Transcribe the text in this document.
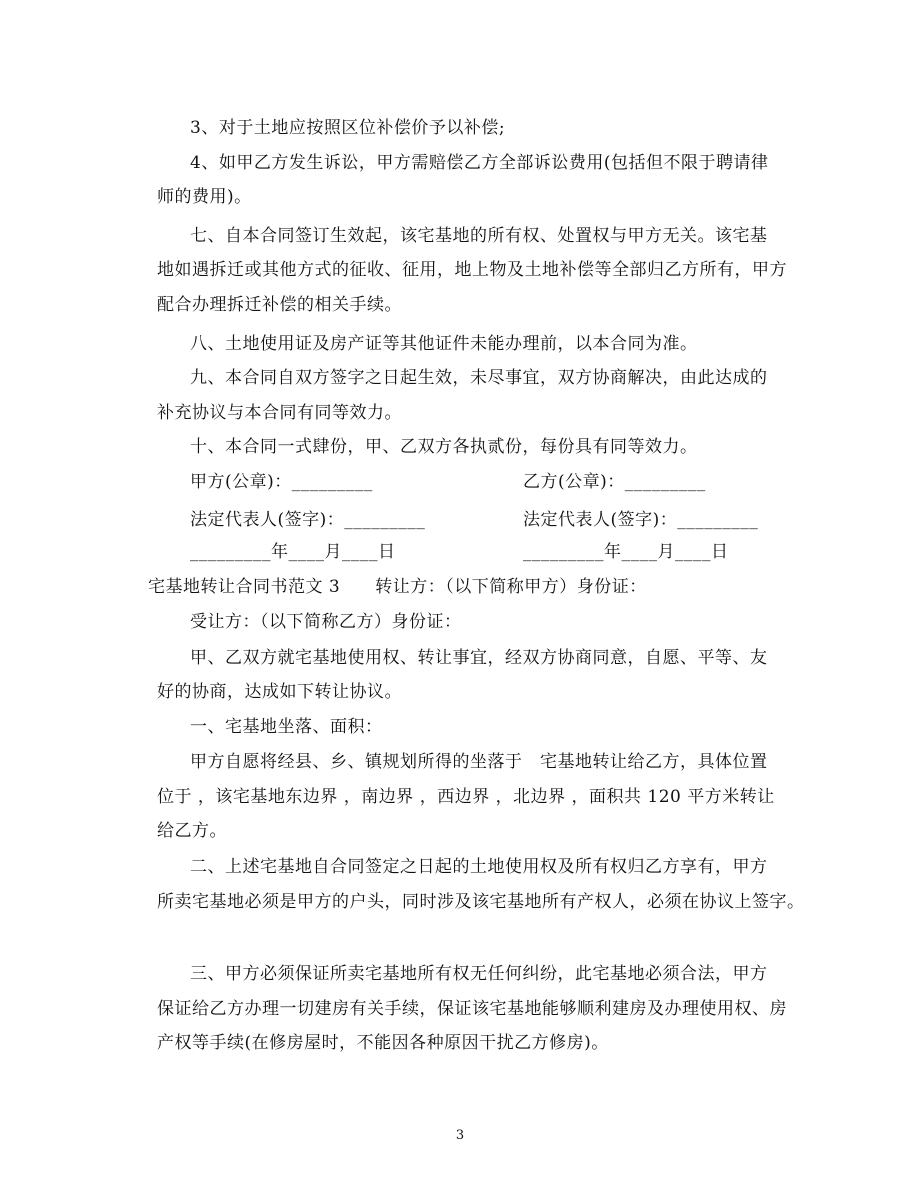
3、对于土地应按照区位补偿价予以补偿;
4、如甲乙方发生诉讼，甲方需赔偿乙方全部诉讼费用(包括但不限于聘请律
师的费用)。
七、自本合同签订生效起，该宅基地的所有权、处置权与甲方无关。该宅基
地如遇拆迁或其他方式的征收、征用，地上物及土地补偿等全部归乙方所有，甲方
配合办理拆迁补偿的相关手续。
八、土地使用证及房产证等其他证件未能办理前，以本合同为准。
九、本合同自双方签字之日起生效，未尽事宜，双方协商解决，由此达成的
补充协议与本合同有同等效力。
十、本合同一式肆份，甲、乙双方各执贰份，每份具有同等效力。
甲方(公章)：_________	乙方(公章)：_________
法定代表人(签字)：_________	法定代表人(签字)：_________
_________年____月____日	_________年____月____日
宅基地转让合同书范文 3　　转让方：（以下简称甲方）身份证：
受让方：（以下简称乙方）身份证：
甲、乙双方就宅基地使用权、转让事宜，经双方协商同意，自愿、平等、友
好的协商，达成如下转让协议。
一、宅基地坐落、面积：
甲方自愿将经县、乡、镇规划所得的坐落于　宅基地转让给乙方，具体位置
位于 ，该宅基地东边界 ，南边界 ，西边界 ，北边界 ，面积共 120 平方米转让
给乙方。
二、上述宅基地自合同签定之日起的土地使用权及所有权归乙方享有，甲方
所卖宅基地必须是甲方的户头，同时涉及该宅基地所有产权人，必须在协议上签字。
三、甲方必须保证所卖宅基地所有权无任何纠纷，此宅基地必须合法，甲方
保证给乙方办理一切建房有关手续，保证该宅基地能够顺利建房及办理使用权、房
产权等手续(在修房屋时，不能因各种原因干扰乙方修房)。
3
